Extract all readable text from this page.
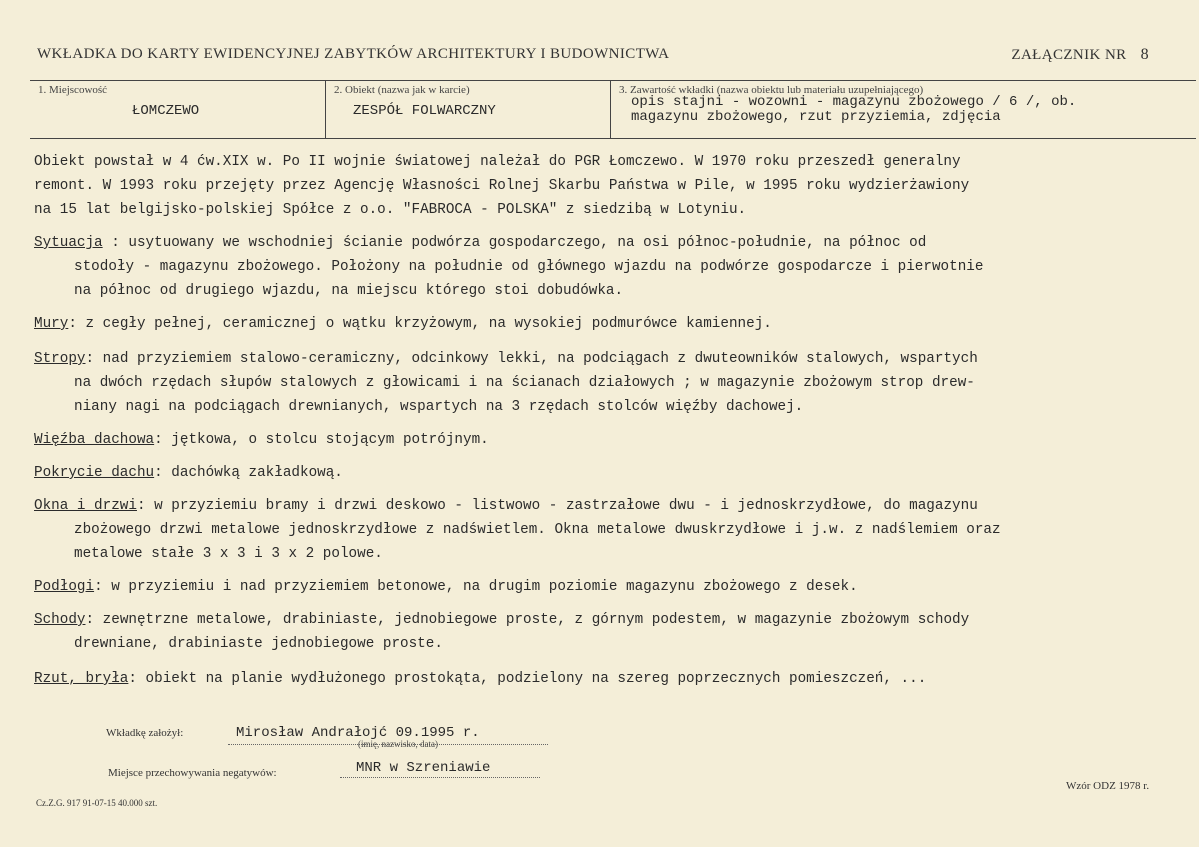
WKŁADKA DO KARTY EWIDENCYJNEJ ZABYTKÓW ARCHITEKTURY I BUDOWNICTWA	ZAŁĄCZNIK NR 8
1. Miejscowość
ŁOMCZEWO
2. Obiekt (nazwa jak w karcie)
ZESPÓŁ FOLWARCZNY
3. Zawartość wkładki (nazwa obiektu lub materiału uzupełniającego)
opis stajni - wozowni - magazynu zbożowego / 6 /, ob.
magazynu zbożowego, rzut przyziemia, zdjęcia
Obiekt powstał w 4 ćw.XIX w. Po II wojnie światowej należał do PGR Łomczewo. W 1970 roku przeszedł generalny
remont. W 1993 roku przejęty przez Agencję Własności Rolnej Skarbu Państwa w Pile, w 1995 roku wydzierżawiony
na 15 lat belgijsko-polskiej Spółce z o.o. "FABROCA - POLSKA" z siedzibą w Lotyniu.
Sytuacja : usytuowany we wschodniej ścianie podwórza gospodarczego, na osi północ-południe, na północ od
stodoły - magazynu zbożowego. Położony na południe od głównego wjazdu na podwórze gospodarcze i pierwotnie
na północ od drugiego wjazdu, na miejscu którego stoi dobudówka.
Mury: z cegły pełnej, ceramicznej o wątku krzyżowym, na wysokiej podmurówce kamiennej.
Stropy: nad przyziemiem stalowo-ceramiczny, odcinkowy lekki, na podciągach z dwuteowników stalowych, wspartych
na dwóch rzędach słupów stalowych z głowicami i na ścianach działowych ; w magazynie zbożowym strop drew-
niany nagi na podciągach drewnianych, wspartych na 3 rzędach stolców więźby dachowej.
Więźba dachowa: jętkowa, o stolcu stojącym potrójnym.
Pokrycie dachu: dachówką zakładkową.
Okna i drzwi: w przyziemiu bramy i drzwi deskowo - listwowo - zastrzałowe dwu - i jednoskrzydłowe, do magazynu
zbożowego drzwi metalowe jednoskrzydłowe z nadświetlem. Okna metalowe dwuskrzydłowe i j.w. z nadślemiem oraz
metalowe stałe 3 x 3 i 3 x 2 polowe.
Podłogi: w przyziemiu i nad przyziemiem betonowe, na drugim poziomie magazynu zbożowego z desek.
Schody: zewnętrzne metalowe, drabiniaste, jednobiegowe proste, z górnym podestem, w magazynie zbożowym schody
drewniane, drabiniaste jednobiegowe proste.
Rzut, bryła: obiekt na planie wydłużonego prostokąta, podzielony na szereg poprzecznych pomieszczeń, ...
Wkładkę założył:	Mirosław Andrałojć 09.1995 r.
(imię, nazwisko, data)
Miejsce przechowywania negatywów:	MNR w Szreniawie
Cz.Z.G. 917 91-07-15 40.000 szt.
Wzór ODZ 1978 r.
